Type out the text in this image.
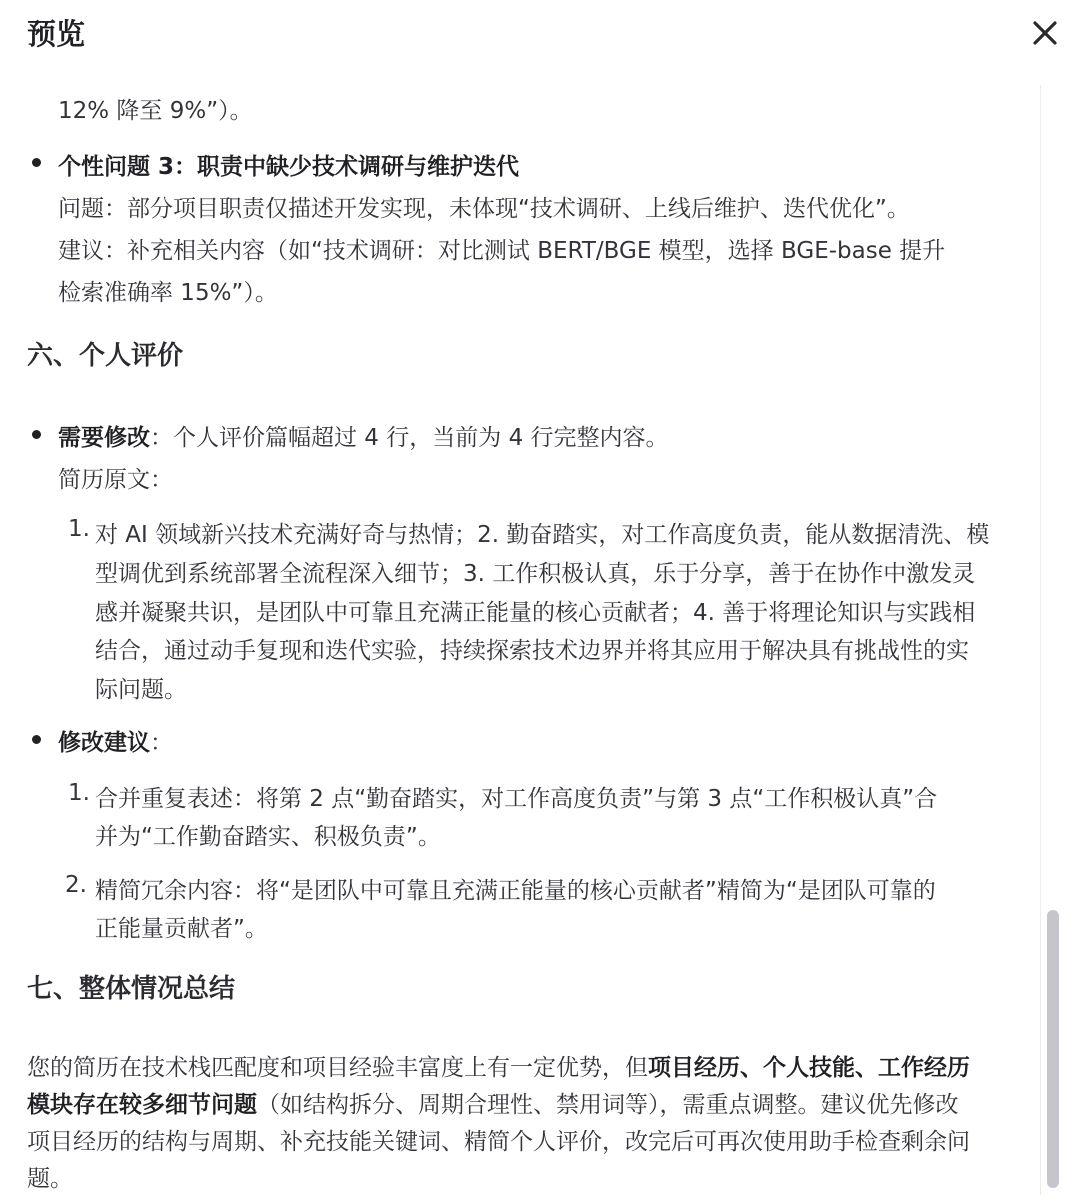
预览
12% 降至 9%”）。
个性问题 3：职责中缺少技术调研与维护迭代
问题：部分项目职责仅描述开发实现，未体现“技术调研、上线后维护、迭代优化”。
建议：补充相关内容（如“技术调研：对比测试 BERT/BGE 模型，选择 BGE-base 提升
检索准确率 15%”）。
六、个人评价
需要修改：个人评价篇幅超过 4 行，当前为 4 行完整内容。
简历原文：
1. 对 AI 领域新兴技术充满好奇与热情；2. 勤奋踏实，对工作高度负责，能从数据清洗、模
型调优到系统部署全流程深入细节；3. 工作积极认真，乐于分享，善于在协作中激发灵
感并凝聚共识，是团队中可靠且充满正能量的核心贡献者；4. 善于将理论知识与实践相
结合，通过动手复现和迭代实验，持续探索技术边界并将其应用于解决具有挑战性的实
际问题。
修改建议：
1. 合并重复表述：将第 2 点“勤奋踏实，对工作高度负责”与第 3 点“工作积极认真”合
并为“工作勤奋踏实、积极负责”。
2. 精简冗余内容：将“是团队中可靠且充满正能量的核心贡献者”精简为“是团队可靠的
正能量贡献者”。
七、整体情况总结
您的简历在技术栈匹配度和项目经验丰富度上有一定优势，但项目经历、个人技能、工作经历
模块存在较多细节问题（如结构拆分、周期合理性、禁用词等），需重点调整。建议优先修改
项目经历的结构与周期、补充技能关键词、精简个人评价，改完后可再次使用助手检查剩余问
题。
